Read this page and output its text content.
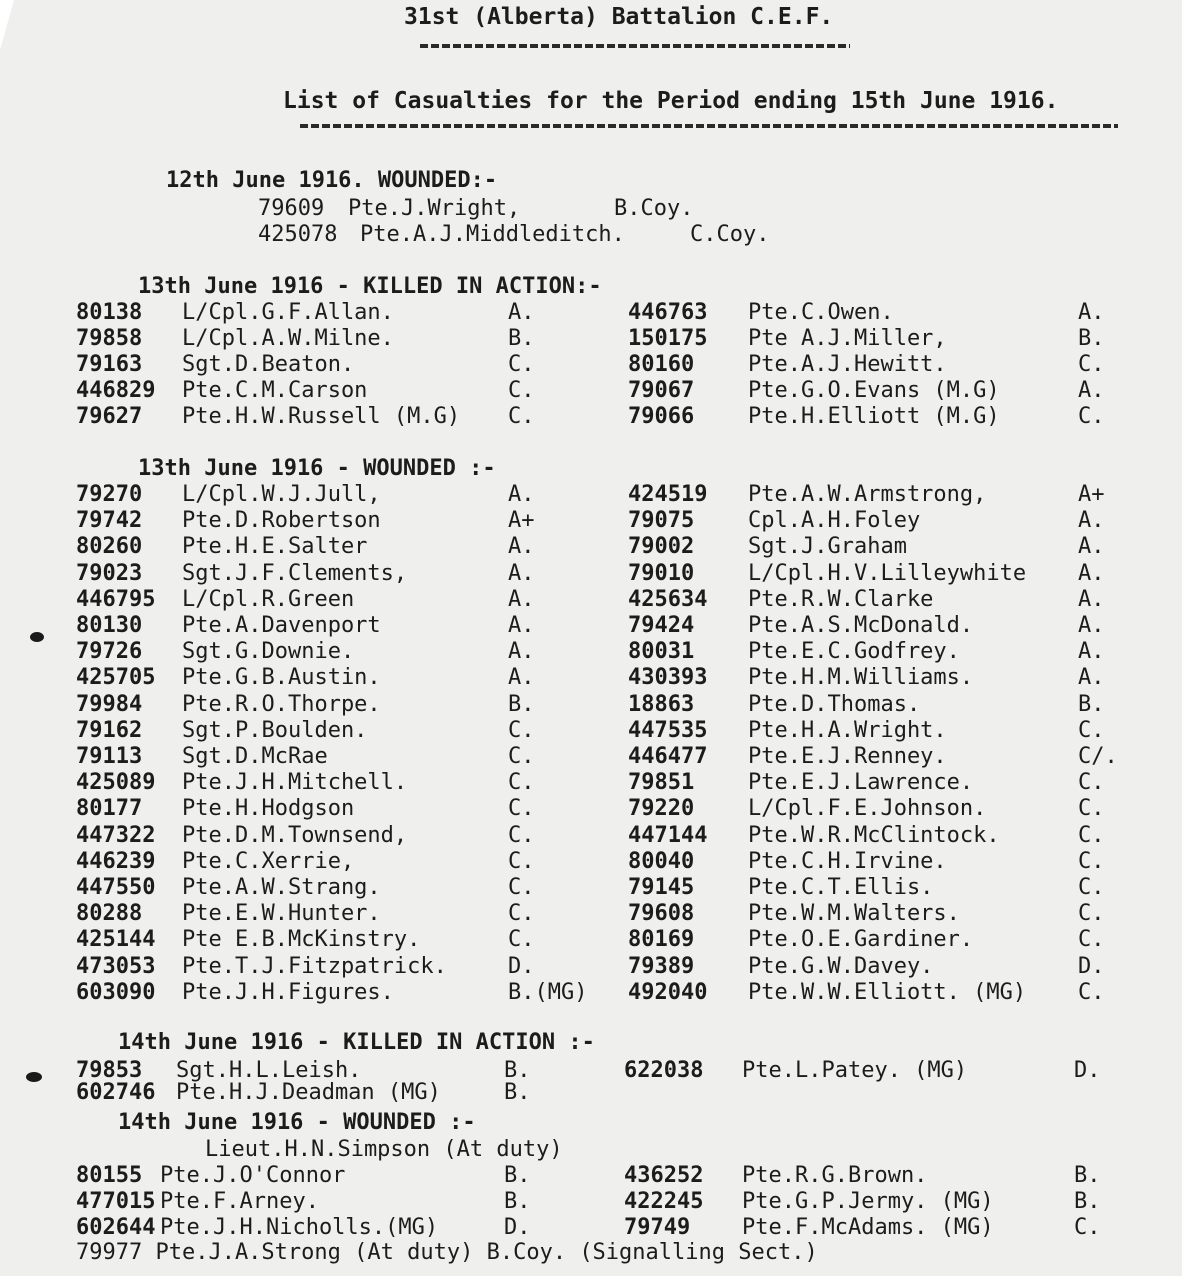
31st (Alberta) Battalion C.E.F.
List of Casualties for the Period ending 15th June 1916.
12th June 1916. WOUNDED:-
79609 Pte.J.Wright,	B.Coy.
425078 Pte.A.J.Middleditch.	C.Coy.
13th June 1916 - KILLED IN ACTION:-
80138 L/Cpl.G.F.Allan.	A.	446763 Pte.C.Owen.	A.
79858 L/Cpl.A.W.Milne.	B.	150175 Pte A.J.Miller,	B.
79163 Sgt.D.Beaton.	C.	80160 Pte.A.J.Hewitt.	C.
446829 Pte.C.M.Carson	C.	79067 Pte.G.O.Evans (M.G)	A.
79627 Pte.H.W.Russell (M.G) C.	79066 Pte.H.Elliott (M.G)	C.
13th June 1916 - WOUNDED :-
79270 L/Cpl.W.J.Jull,	A.	424519 Pte.A.W.Armstrong,	A+
79742 Pte.D.Robertson	A+	79075 Cpl.A.H.Foley	A.
80260 Pte.H.E.Salter	A.	79002 Sgt.J.Graham	A.
79023 Sgt.J.F.Clements,	A.	79010 L/Cpl.H.V.Lilleywhite A.
446795 L/Cpl.R.Green	A.	425634 Pte.R.W.Clarke	A.
80130 Pte.A.Davenport	A.	79424 Pte.A.S.McDonald.	A.
79726 Sgt.G.Downie.	A.	80031 Pte.E.C.Godfrey.	A.
425705 Pte.G.B.Austin.	A.	430393 Pte.H.M.Williams.	A.
79984 Pte.R.O.Thorpe.	B.	18863 Pte.D.Thomas.	B.
79162 Sgt.P.Boulden.	C.	447535 Pte.H.A.Wright.	C.
79113 Sgt.D.McRae	C.	446477 Pte.E.J.Renney.	C/.
425089 Pte.J.H.Mitchell.	C.	79851 Pte.E.J.Lawrence.	C.
80177 Pte.H.Hodgson	C.	79220 L/Cpl.F.E.Johnson.	C.
447322 Pte.D.M.Townsend,	C.	447144 Pte.W.R.McClintock.	C.
446239 Pte.C.Xerrie,	C.	80040 Pte.C.H.Irvine.	C.
447550 Pte.A.W.Strang.	C.	79145 Pte.C.T.Ellis.	C.
80288 Pte.E.W.Hunter.	C.	79608 Pte.W.M.Walters.	C.
425144 Pte E.B.McKinstry.	C.	80169 Pte.O.E.Gardiner.	C.
473053 Pte.T.J.Fitzpatrick.	D.	79389 Pte.G.W.Davey.	D.
603090 Pte.J.H.Figures.	B.(MG) 492040 Pte.W.W.Elliott. (MG) C.
14th June 1916 - KILLED IN ACTION :-
79853 Sgt.H.L.Leish.	B.	622038 Pte.L.Patey. (MG)	D.
602746 Pte.H.J.Deadman (MG)	B.
14th June 1916 - WOUNDED :-
Lieut.H.N.Simpson (At duty)
80155 Pte.J.O'Connor	B.	436252 Pte.R.G.Brown.	B.
477015 Pte.F.Arney.	B.	422245 Pte.G.P.Jermy. (MG)	B.
602644 Pte.J.H.Nicholls.(MG)	D.	79749 Pte.F.McAdams. (MG)	C.
79977 Pte.J.A.Strong (At duty) B.Coy. (Signalling Sect.)
